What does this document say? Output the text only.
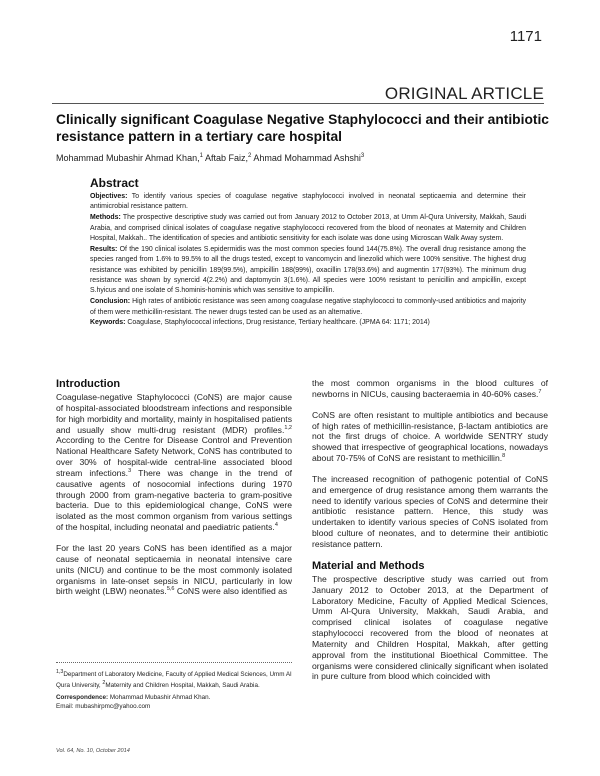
1171
ORIGINAL ARTICLE
Clinically significant Coagulase Negative Staphylococci and their antibiotic resistance pattern in a tertiary care hospital
Mohammad Mubashir Ahmad Khan,$^1$ Aftab Faiz,$^2$ Ahmad Mohammad Ashshi$^3$
Abstract

Objectives: To identify various species of coagulase negative staphylococci involved in neonatal septicaemia and determine their antimicrobial resistance pattern.

Methods: The prospective descriptive study was carried out from January 2012 to October 2013, at Umm Al-Qura University, Makkah, Saudi Arabia, and comprised clinical isolates of coagulase negative staphylococci recovered from the blood of neonates at Maternity and Children Hospital, Makkah.. The identification of species and antibiotic sensitivity for each isolate was done using Microscan Walk Away system.

Results: Of the 190 clinical isolates S.epidermidis was the most common species found 144(75.8%). The overall drug resistance among the species ranged from 1.6% to 99.5% to all the drugs tested, except to vancomycin and linezolid which were 100% sensitive. The highest drug resistance was exhibited by penicillin 189(99.5%), ampicillin 188(99%), oxacillin 178(93.6%) and augmentin 177(93%). The minimum drug resistance was shown by synercid 4(2.2%) and daptomycin 3(1.6%). All species were 100% resistant to penicillin and ampicillin, except S.hyicus and one isolate of S.hominis-hominis which was sensitive to ampicillin.

Conclusion: High rates of antibiotic resistance was seen among coagulase negative staphylococci to commonly-used antibiotics and majority of them were methicillin-resistant. The newer drugs tested can be used as an alternative.

Keywords: Coagulase, Staphylococcal infections, Drug resistance, Tertiary healthcare. (JPMA 64: 1171; 2014)

Introduction

Coagulase-negative Staphylococci (CoNS) are major cause of hospital-associated bloodstream infections and responsible for high morbidity and mortality, mainly in hospitalised patients and usually show multi-drug resistant (MDR) profiles.$^{1,2}$ According to the Centre for Disease Control and Prevention National Healthcare Safety Network, CoNS has contributed to over 30% of hospital-wide central-line associated blood stream infections.$^3$ There was change in the trend of causative agents of nosocomial infections during 1970 through 2000 from gram-negative bacteria to gram-positive bacteria. Due to this epidemiological change, CoNS were isolated as the most common organism from various settings of the hospital, including neonatal and paediatric patients.$^4$

For the last 20 years CoNS has been identified as a major cause of neonatal septicaemia in neonatal intensive care units (NICU) and continue to be the most commonly isolated organisms in late-onset sepsis in NICU, particularly in low birth weight (LBW) neonates.$^{5,6}$ CoNS were also identified as

the most common organisms in the blood cultures of newborns in NICUs, causing bacteraemia in 40-60% cases.$^7$

CoNS are often resistant to multiple antibiotics and because of high rates of methicillin-resistance, β-lactam antibiotics are not the first drugs of choice. A worldwide SENTRY study showed that irrespective of geographical locations, nowadays about 70-75% of CoNS are resistant to methicillin.$^8$

The increased recognition of pathogenic potential of CoNS and emergence of drug resistance among them warrants the need to identify various species of CoNS and determine their antibiotic resistance pattern. Hence, this study was undertaken to identify various species of CoNS isolated from blood culture of neonates, and to determine their antibiotic resistance pattern.

Material and Methods

The prospective descriptive study was carried out from January 2012 to October 2013, at the Department of Laboratory Medicine, Faculty of Applied Medical Sciences, Umm Al-Qura University, Makkah, Saudi Arabia, and comprised clinical isolates of coagulase negative staphylococci recovered from the blood of neonates at Maternity and Children Hospital, Makkah, after getting approval from the institutional Bioethical Committee. The organisms were considered clinically significant when isolated in pure culture from blood which coincided with

$^{1,3}$Department of Laboratory Medicine, Faculty of Applied Medical Sciences, Umm Al Qura University, $^2$Maternity and Children Hospital, Makkah, Saudi Arabia.

Correspondence: Mohammad Mubashir Ahmad Khan.

Email: mubashirpmc@yahoo.com

Vol. 64, No. 10, October 2014
